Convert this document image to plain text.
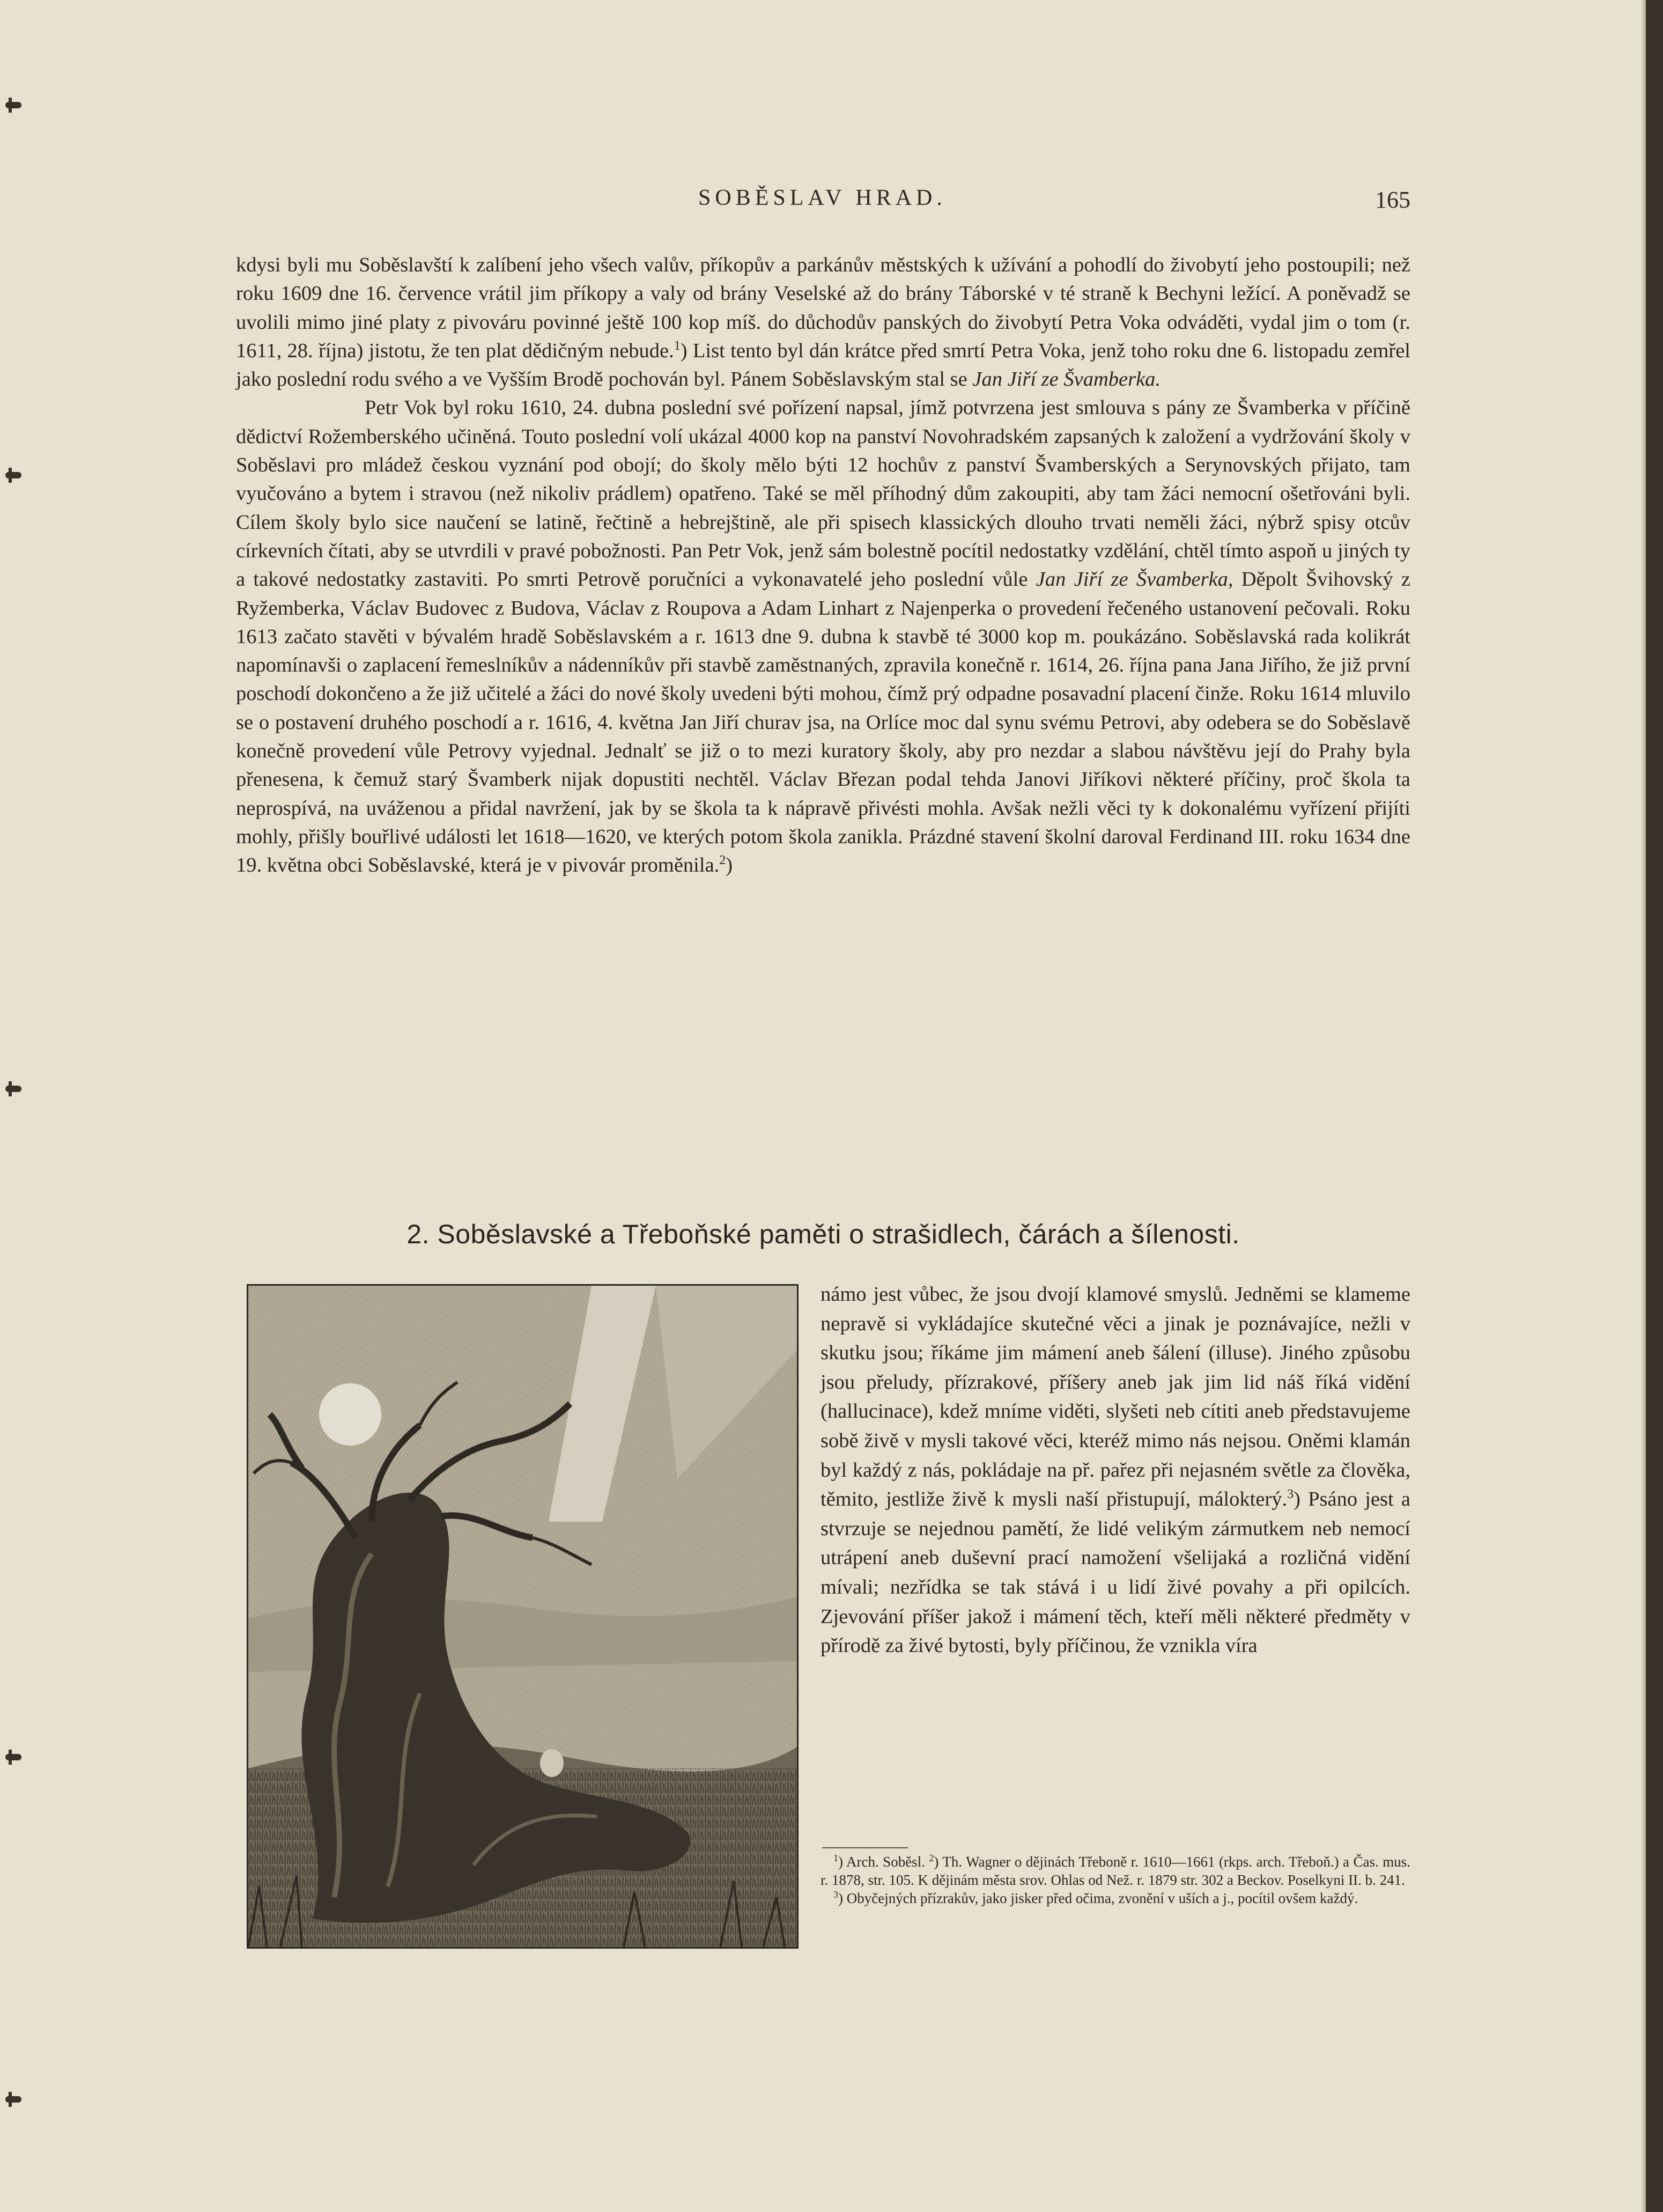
SOBĚSLAV HRAD.	165

kdysi byli mu Soběslavští k zalíbení jeho všech valův, příkopův a parkánův městských k užívání a pohodlí do živobytí jeho postoupili; než roku 1609 dne 16. července vrátil jim příkopy a valy od brány Veselské až do brány Táborské v té straně k Bechyni ležící. A poněvadž se uvolili mimo jiné platy z pivováru povinné ještě 100 kop míš. do důchodův panských do živobytí Petra Voka odváděti, vydal jim o tom (r. 1611, 28. října) jistotu, že ten plat dědičným nebude.$^1$) List tento byl dán krátce před smrtí Petra Voka, jenž toho roku dne 6. listopadu zemřel jako poslední rodu svého a ve Vyšším Brodě pochován byl. Pánem Soběslavským stal se Jan Jiří ze Švamberka.

Petr Vok byl roku 1610, 24. dubna poslední své pořízení napsal, jímž potvrzena jest smlouva s pány ze Švamberka v příčině dědictví Rožemberského učiněná. Touto poslední volí ukázal 4000 kop na panství Novohradském zapsaných k založení a vydržování školy v Soběslavi pro mládež českou vyznání pod obojí; do školy mělo býti 12 hochův z panství Švamberských a Serynovských přijato, tam vyučováno a bytem i stravou (než nikoliv prádlem) opatřeno. Také se měl příhodný dům zakoupiti, aby tam žáci nemocní ošetřováni byli. Cílem školy bylo sice naučení se latině, řečtině a hebrejštině, ale při spisech klassických dlouho trvati neměli žáci, nýbrž spisy otcův církevních čítati, aby se utvrdili v pravé pobožnosti. Pan Petr Vok, jenž sám bolestně pocítil nedostatky vzdělání, chtěl tímto aspoň u jiných ty a takové nedostatky zastaviti. Po smrti Petrově poručníci a vykonavatelé jeho poslední vůle Jan Jiří ze Švamberka, Děpolt Švihovský z Ryžemberka, Václav Budovec z Budova, Václav z Roupova a Adam Linhart z Najenperka o provedení řečeného ustanovení pečovali. Roku 1613 začato stavěti v bývalém hradě Soběslavském a r. 1613 dne 9. dubna k stavbě té 3000 kop m. poukázáno. Soběslavská rada kolikrát napomínavši o zaplacení řemeslníkův a nádenníkův při stavbě zaměstnaných, zpravila konečně r. 1614, 26. října pana Jana Jiřího, že již první poschodí dokončeno a že již učitelé a žáci do nové školy uvedeni býti mohou, čímž prý odpadne posavadní placení činže. Roku 1614 mluvilo se o postavení druhého poschodí a r. 1616, 4. května Jan Jiří churav jsa, na Orlíce moc dal synu svému Petrovi, aby odebera se do Soběslavě konečně provedení vůle Petrovy vyjednal. Jednalť se již o to mezi kuratory školy, aby pro nezdar a slabou návštěvu její do Prahy byla přenesena, k čemuž starý Švamberk nijak dopustiti nechtěl. Václav Březan podal tehda Janovi Jiříkovi některé příčiny, proč škola ta neprospívá, na uváženou a přidal navržení, jak by se škola ta k nápravě přivésti mohla. Avšak nežli věci ty k dokonalému vyřízení přijíti mohly, přišly bouřlivé události let 1618—1620, ve kterých potom škola zanikla. Prázdné stavení školní daroval Ferdinand III. roku 1634 dne 19. května obci Soběslavské, která je v pivovár proměnila.$^2$)

2. Soběslavské a Třeboňské paměti o strašidlech, čárách a šílenosti.

námo jest vůbec, že jsou dvojí klamové smyslů. Jedněmi se klameme nepravě si vykládajíce skutečné věci a jinak je poznávajíce, nežli v skutku jsou; říkáme jim mámení aneb šálení (illuse). Jiného způsobu jsou přeludy, přízrakové, příšery aneb jak jim lid náš říká vidění (hallucinace), kdež mníme viděti, slyšeti neb cítiti aneb představujeme sobě živě v mysli takové věci, kteréž mimo nás nejsou. Oněmi klamán byl každý z nás, pokládaje na př. pařez při nejasném světle za člověka, těmito, jestliže živě k mysli naší přistupují, málokterý.$^3$) Psáno jest a stvrzuje se nejednou pamětí, že lidé velikým zármutkem neb nemocí utrápení aneb duševní prací namožení všelijaká a rozličná vidění mívali; nezřídka se tak stává i u lidí živé povahy a při opilcích. Zjevování příšer jakož i mámení těch, kteří měli některé předměty v přírodě za živé bytosti, byly příčinou, že vznikla víra

$^1$) Arch. Soběsl. $^2$) Th. Wagner o dějinách Třeboně r. 1610—1661 (rkps. arch. Třeboň.) a Čas. mus. r. 1878, str. 105. K dějinám města srov. Ohlas od Než. r. 1879 str. 302 a Beckov. Poselkyni II. b. 241.

$^3$) Obyčejných přízrakův, jako jisker před očima, zvonění v uších a j., pocítil ovšem každý.
